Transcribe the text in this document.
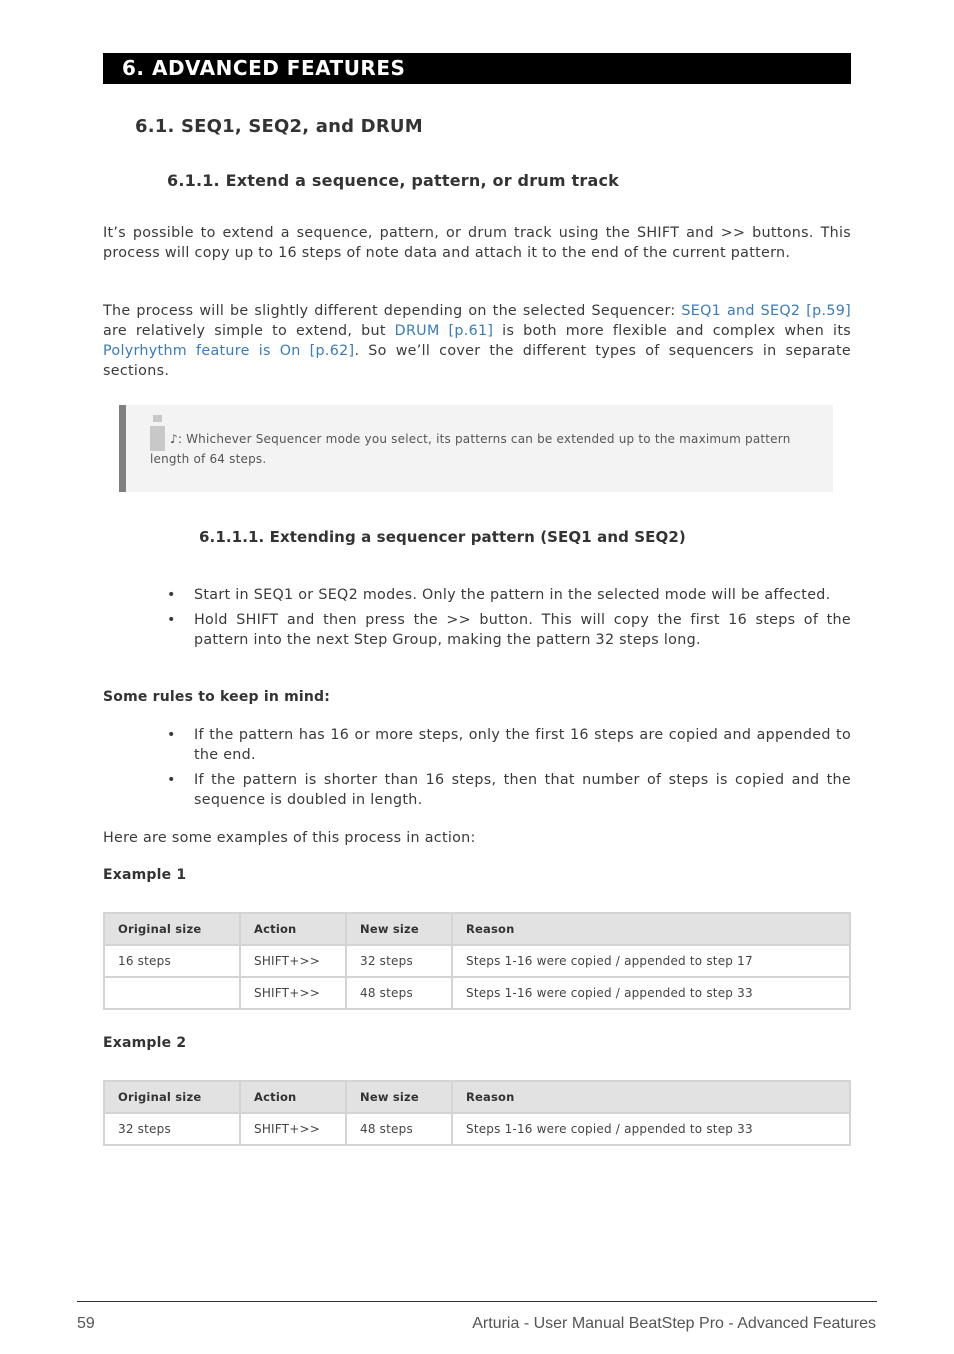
6. ADVANCED FEATURES
6.1. SEQ1, SEQ2, and DRUM
6.1.1. Extend a sequence, pattern, or drum track
It’s possible to extend a sequence, pattern, or drum track using the SHIFT and >> buttons. This process will copy up to 16 steps of note data and attach it to the end of the current pattern.
The process will be slightly different depending on the selected Sequencer: SEQ1 and SEQ2 [p.59] are relatively simple to extend, but DRUM [p.61] is both more flexible and complex when its Polyrhythm feature is On [p.62]. So we’ll cover the different types of sequencers in separate sections.
♪: Whichever Sequencer mode you select, its patterns can be extended up to the maximum pattern length of 64 steps.
6.1.1.1. Extending a sequencer pattern (SEQ1 and SEQ2)
• Start in SEQ1 or SEQ2 modes. Only the pattern in the selected mode will be affected.
• Hold SHIFT and then press the >> button. This will copy the first 16 steps of the pattern into the next Step Group, making the pattern 32 steps long.
Some rules to keep in mind:
• If the pattern has 16 or more steps, only the first 16 steps are copied and appended to the end.
• If the pattern is shorter than 16 steps, then that number of steps is copied and the sequence is doubled in length.
Here are some examples of this process in action:
Example 1
Original size	Action	New size	Reason
16 steps	SHIFT+>>	32 steps	Steps 1-16 were copied / appended to step 17
	SHIFT+>>	48 steps	Steps 1-16 were copied / appended to step 33
Example 2
Original size	Action	New size	Reason
32 steps	SHIFT+>>	48 steps	Steps 1-16 were copied / appended to step 33
59	Arturia - User Manual BeatStep Pro - Advanced Features
